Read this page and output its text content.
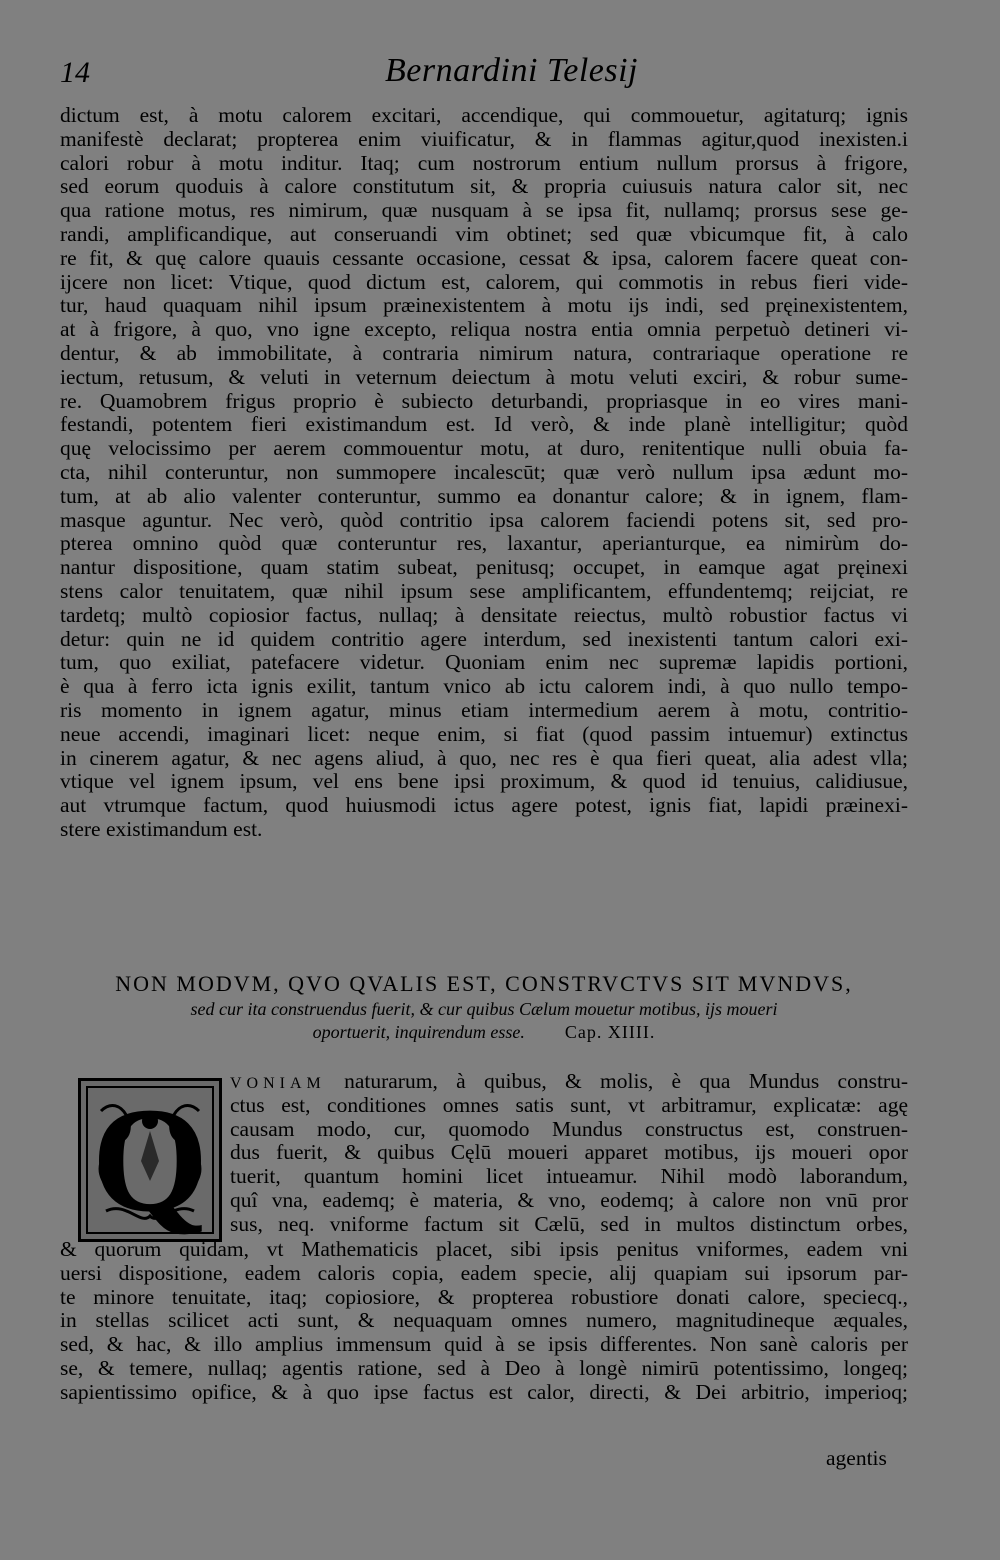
14	Bernardini Telesij
dictum est, à motu calorem excitari, accendique, qui commouetur, agitaturq; ignis
manifestè declarat; propterea enim viuificatur, & in flammas agitur,quod inexisten.i
calori robur à motu inditur. Itaq; cum nostrorum entium nullum prorsus à frigore,
sed eorum quoduis à calore constitutum sit, & propria cuiusuis natura calor sit, nec
qua ratione motus, res nimirum, quæ nusquam à se ipsa fit, nullamq; prorsus sese ge-
randi, amplificandique, aut conseruandi vim obtinet; sed quæ vbicumque fit, à calo
re fit, & quę calore quauis cessante occasione, cessat & ipsa, calorem facere queat con-
ijcere non licet: Vtique, quod dictum est, calorem, qui commotis in rebus fieri vide-
tur, haud quaquam nihil ipsum præinexistentem à motu ijs indi, sed pręinexistentem,
at à frigore, à quo, vno igne excepto, reliqua nostra entia omnia perpetuò detineri vi-
dentur, & ab immobilitate, à contraria nimirum natura, contrariaque operatione re
iectum, retusum, & veluti in veternum deiectum à motu veluti exciri, & robur sume-
re. Quamobrem frigus proprio è subiecto deturbandi, propriasque in eo vires mani-
festandi, potentem fieri existimandum est. Id verò, & inde planè intelligitur; quòd
quę velocissimo per aerem commouentur motu, at duro, renitentique nulli obuia fa-
cta, nihil conteruntur, non summopere incalescūt; quæ verò nullum ipsa ædunt mo-
tum, at ab alio valenter conteruntur, summo ea donantur calore; & in ignem, flam-
masque aguntur. Nec verò, quòd contritio ipsa calorem faciendi potens sit, sed pro-
pterea omnino quòd quæ conteruntur res, laxantur, aperianturque, ea nimirùm do-
nantur dispositione, quam statim subeat, penitusq; occupet, in eamque agat pręinexi
stens calor tenuitatem, quæ nihil ipsum sese amplificantem, effundentemq; reijciat, re
tardetq; multò copiosior factus, nullaq; à densitate reiectus, multò robustior factus vi
detur: quin ne id quidem contritio agere interdum, sed inexistenti tantum calori exi-
tum, quo exiliat, patefacere videtur. Quoniam enim nec supremæ lapidis portioni,
è qua à ferro icta ignis exilit, tantum vnico ab ictu calorem indi, à quo nullo tempo-
ris momento in ignem agatur, minus etiam intermedium aerem à motu, contritio-
neue accendi, imaginari licet: neque enim, si fiat (quod passim intuemur) extinctus
in cinerem agatur, & nec agens aliud, à quo, nec res è qua fieri queat, alia adest vlla;
vtique vel ignem ipsum, vel ens bene ipsi proximum, & quod id tenuius, calidiusue,
aut vtrumque factum, quod huiusmodi ictus agere potest, ignis fiat, lapidi præinexi-
stere existimandum est.
NON MODVM, QVO QVALIS EST, CONSTRVCTVS SIT MVNDVS,
sed cur ita construendus fuerit, & cur quibus Cælum mouetur motibus, ijs moueri
oportuerit, inquirendum esse. Cap. XIIII.
Q	VONIAM naturarum, à quibus, & molis, è qua Mundus constru-
ctus est, conditiones omnes satis sunt, vt arbitramur, explicatæ: agę
causam modo, cur, quomodo Mundus constructus est, construen-
dus fuerit, & quibus Cęlū moueri apparet motibus, ijs moueri opor
tuerit, quantum homini licet intueamur. Nihil modò laborandum,
quî vna, eademq; è materia, & vno, eodemq; à calore non vnū pror
sus, neq. vniforme factum sit Cælū, sed in multos distinctum orbes,
& quorum quidam, vt Mathematicis placet, sibi ipsis penitus vniformes, eadem vni
uersi dispositione, eadem caloris copia, eadem specie, alij quapiam sui ipsorum par-
te minore tenuitate, itaq; copiosiore, & propterea robustiore donati calore, speciecq.,
in stellas scilicet acti sunt, & nequaquam omnes numero, magnitudineque æquales,
sed, & hac, & illo amplius immensum quid à se ipsis differentes. Non sanè caloris per
se, & temere, nullaq; agentis ratione, sed à Deo à longè nimirū potentissimo, longeq;
sapientissimo opifice, & à quo ipse factus est calor, directi, & Dei arbitrio, imperioq;
agentis
